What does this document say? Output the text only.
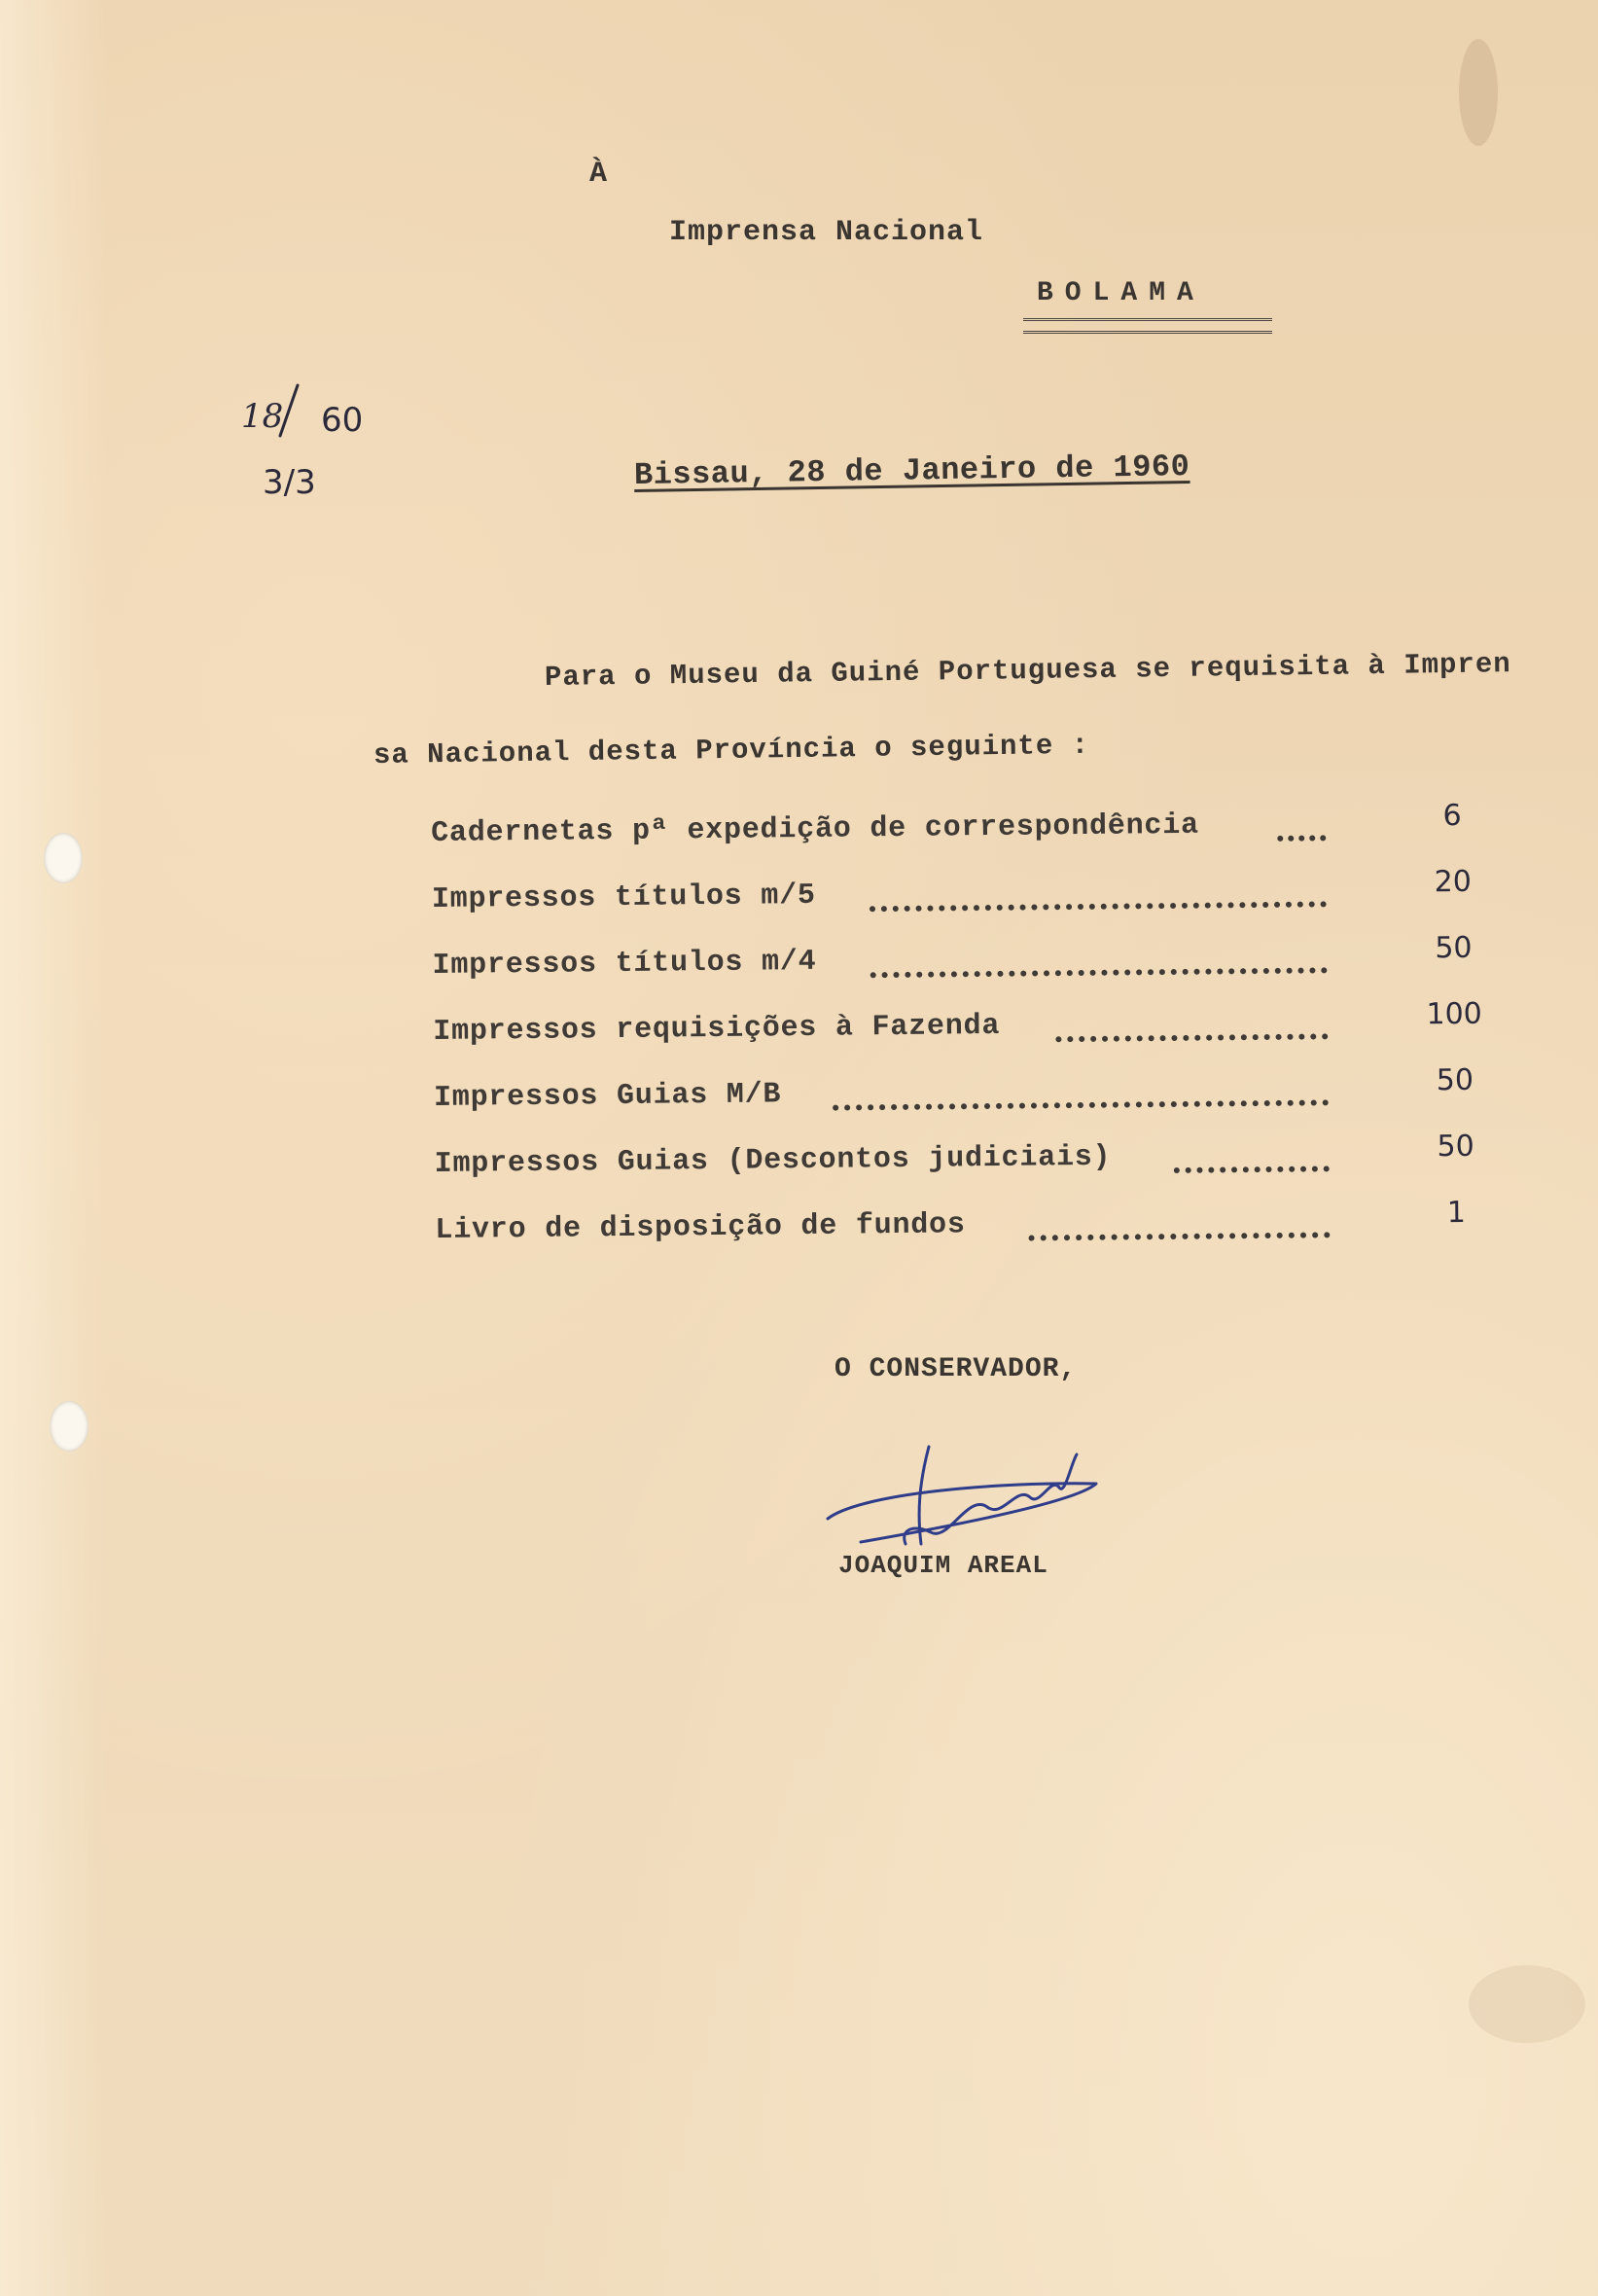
À
Imprensa Nacional
BOLAMA
18 60
3/3	Bissau, 28 de Janeiro de 1960
Para o Museu da Guiné Portuguesa se requisita à Impren
sa Nacional desta Província o seguinte :
Cadernetas pª expedição de correspondência	6
Impressos títulos m/5	20
Impressos títulos m/4	50
Impressos requisições à Fazenda	100
Impressos Guias M/B	50
Impressos Guias (Descontos judiciais)	50
Livro de disposição de fundos	1
O CONSERVADOR,
JOAQUIM AREAL
